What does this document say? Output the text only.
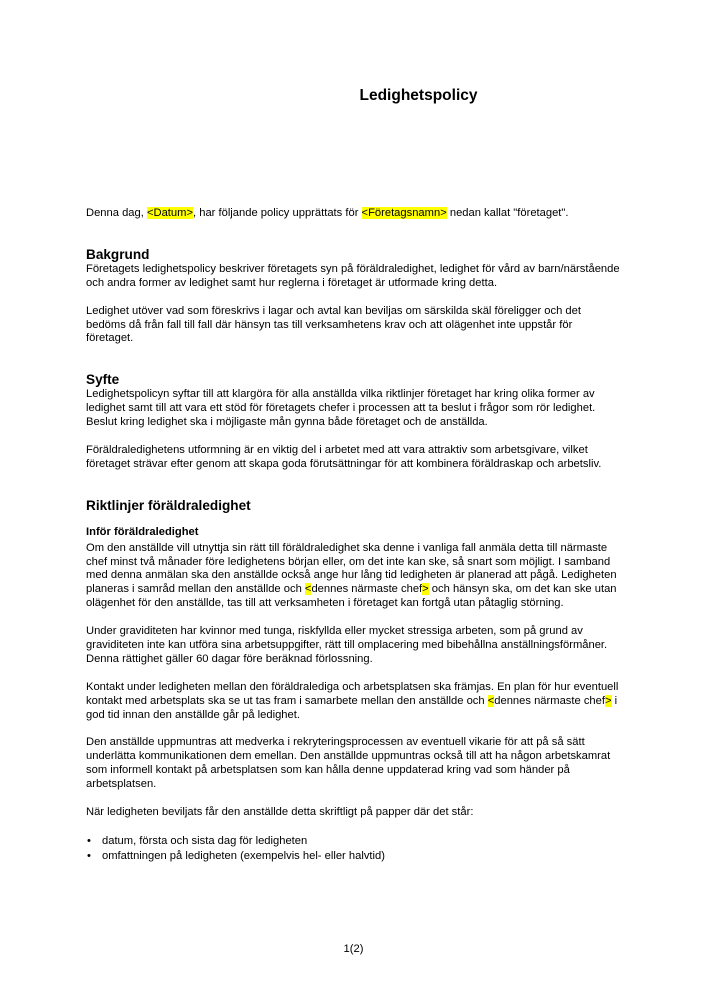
Ledighetspolicy

Denna dag, <Datum>, har följande policy upprättats för <Företagsnamn> nedan kallat "företaget".

Bakgrund

Företagets ledighetspolicy beskriver företagets syn på föräldraledighet, ledighet för vård av barn/närstående och andra former av ledighet samt hur reglerna i företaget är utformade kring detta.

Ledighet utöver vad som föreskrivs i lagar och avtal kan beviljas om särskilda skäl föreligger och det bedöms då från fall till fall där hänsyn tas till verksamhetens krav och att olägenhet inte uppstår för företaget.

Syfte

Ledighetspolicyn syftar till att klargöra för alla anställda vilka riktlinjer företaget har kring olika former av ledighet samt till att vara ett stöd för företagets chefer i processen att ta beslut i frågor som rör ledighet. Beslut kring ledighet ska i möjligaste mån gynna både företaget och de anställda.

Föräldraledighetens utformning är en viktig del i arbetet med att vara attraktiv som arbetsgivare, vilket företaget strävar efter genom att skapa goda förutsättningar för att kombinera föräldraskap och arbetsliv.

Riktlinjer föräldraledighet
Inför föräldraledighet

Om den anställde vill utnyttja sin rätt till föräldraledighet ska denne i vanliga fall anmäla detta till närmaste chef minst två månader före ledighetens början eller, om det inte kan ske, så snart som möjligt. I samband med denna anmälan ska den anställde också ange hur lång tid ledigheten är planerad att pågå. Ledigheten planeras i samråd mellan den anställde och <dennes närmaste chef> och hänsyn ska, om det kan ske utan olägenhet för den anställde, tas till att verksamheten i företaget kan fortgå utan påtaglig störning.

Under graviditeten har kvinnor med tunga, riskfyllda eller mycket stressiga arbeten, som på grund av graviditeten inte kan utföra sina arbetsuppgifter, rätt till omplacering med bibehållna anställningsförmåner. Denna rättighet gäller 60 dagar före beräknad förlossning.

Kontakt under ledigheten mellan den föräldralediga och arbetsplatsen ska främjas. En plan för hur eventuell kontakt med arbetsplats ska se ut tas fram i samarbete mellan den anställde och <dennes närmaste chef> i god tid innan den anställde går på ledighet.

Den anställde uppmuntras att medverka i rekryteringsprocessen av eventuell vikarie för att på så sätt underlätta kommunikationen dem emellan. Den anställde uppmuntras också till att ha någon arbetskamrat som informell kontakt på arbetsplatsen som kan hålla denne uppdaterad kring vad som händer på arbetsplatsen.

När ledigheten beviljats får den anställde detta skriftligt på papper där det står:

• datum, första och sista dag för ledigheten
• omfattningen på ledigheten (exempelvis hel- eller halvtid)
1(2)
